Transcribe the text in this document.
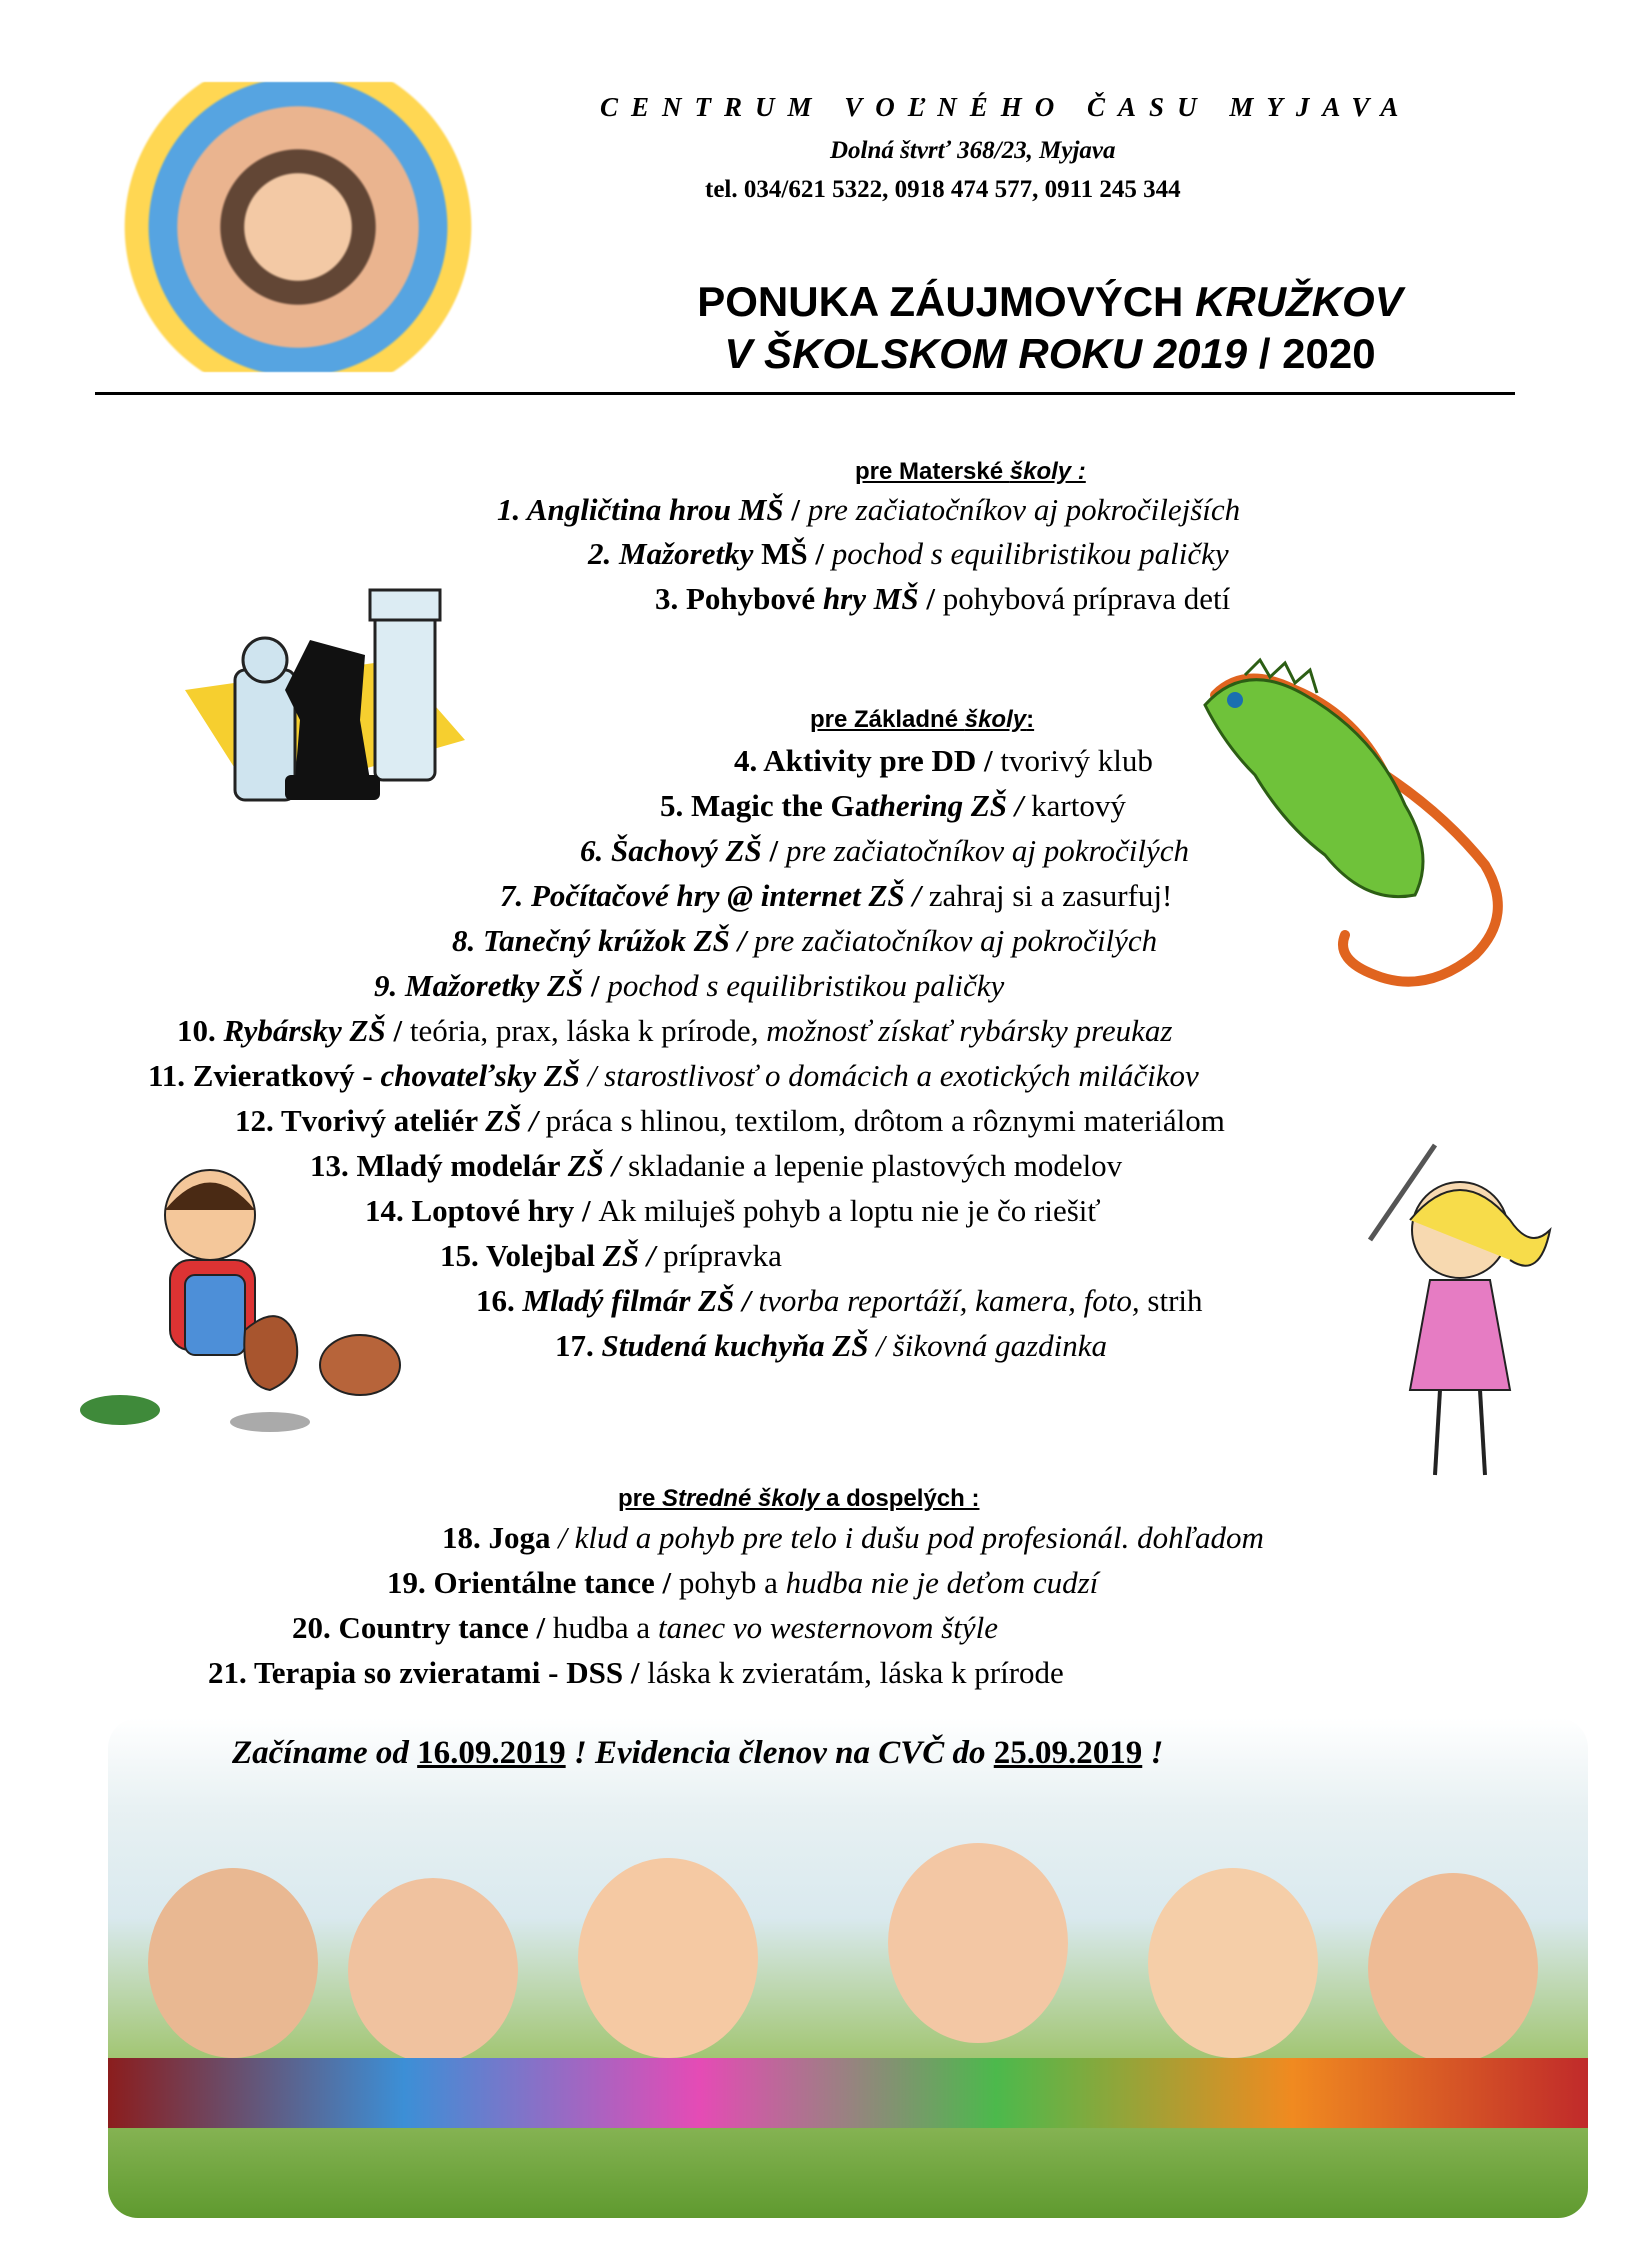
CENTRUM VOĽNÉHO ČASU MYJAVA
Dolná štvrť 368/23, Myjava
tel. 034/621 5322, 0918 474 577, 0911 245 344
PONUKA ZÁUJMOVÝCH KRUŽKOV
V ŠKOLSKOM ROKU 2019 / 2020
pre Materské školy :
1. Angličtina hrou MŠ / pre začiatočníkov aj pokročilejších
2. Mažoretky MŠ / pochod s equilibristikou paličky
3. Pohybové hry MŠ / pohybová príprava detí
pre Základné školy:
4. Aktivity pre DD / tvorivý klub
5. Magic the Gathering ZŠ / kartový
6. Šachový ZŠ / pre začiatočníkov aj pokročilých
7. Počítačové hry @ internet ZŠ / zahraj si a zasurfuj!
8. Tanečný krúžok ZŠ / pre začiatočníkov aj pokročilých
9. Mažoretky ZŠ / pochod s equilibristikou paličky
10. Rybársky ZŠ / teória, prax, láska k prírode, možnosť získať rybársky preukaz
11. Zvieratkový - chovateľsky ZŠ / starostlivosť o domácich a exotických miláčikov
12. Tvorivý ateliér ZŠ / práca s hlinou, textilom, drôtom a rôznymi materiálom
13. Mladý modelár ZŠ / skladanie a lepenie plastových modelov
14. Loptové hry / Ak miluješ pohyb a loptu nie je čo riešiť
15. Volejbal ZŠ / prípravka
16. Mladý filmár ZŠ / tvorba reportáží, kamera, foto, strih
17. Studená kuchyňa ZŠ / šikovná gazdinka
pre Stredné školy a dospelých :
18. Joga / klud a pohyb pre telo i dušu pod profesionál. dohľadom
19. Orientálne tance / pohyb a hudba nie je deťom cudzí
20. Country tance / hudba a tanec vo westernovom štýle
21. Terapia so zvieratami - DSS / láska k zvieratám, láska k prírode
Začíname od 16.09.2019 ! Evidencia členov na CVČ do 25.09.2019 !
